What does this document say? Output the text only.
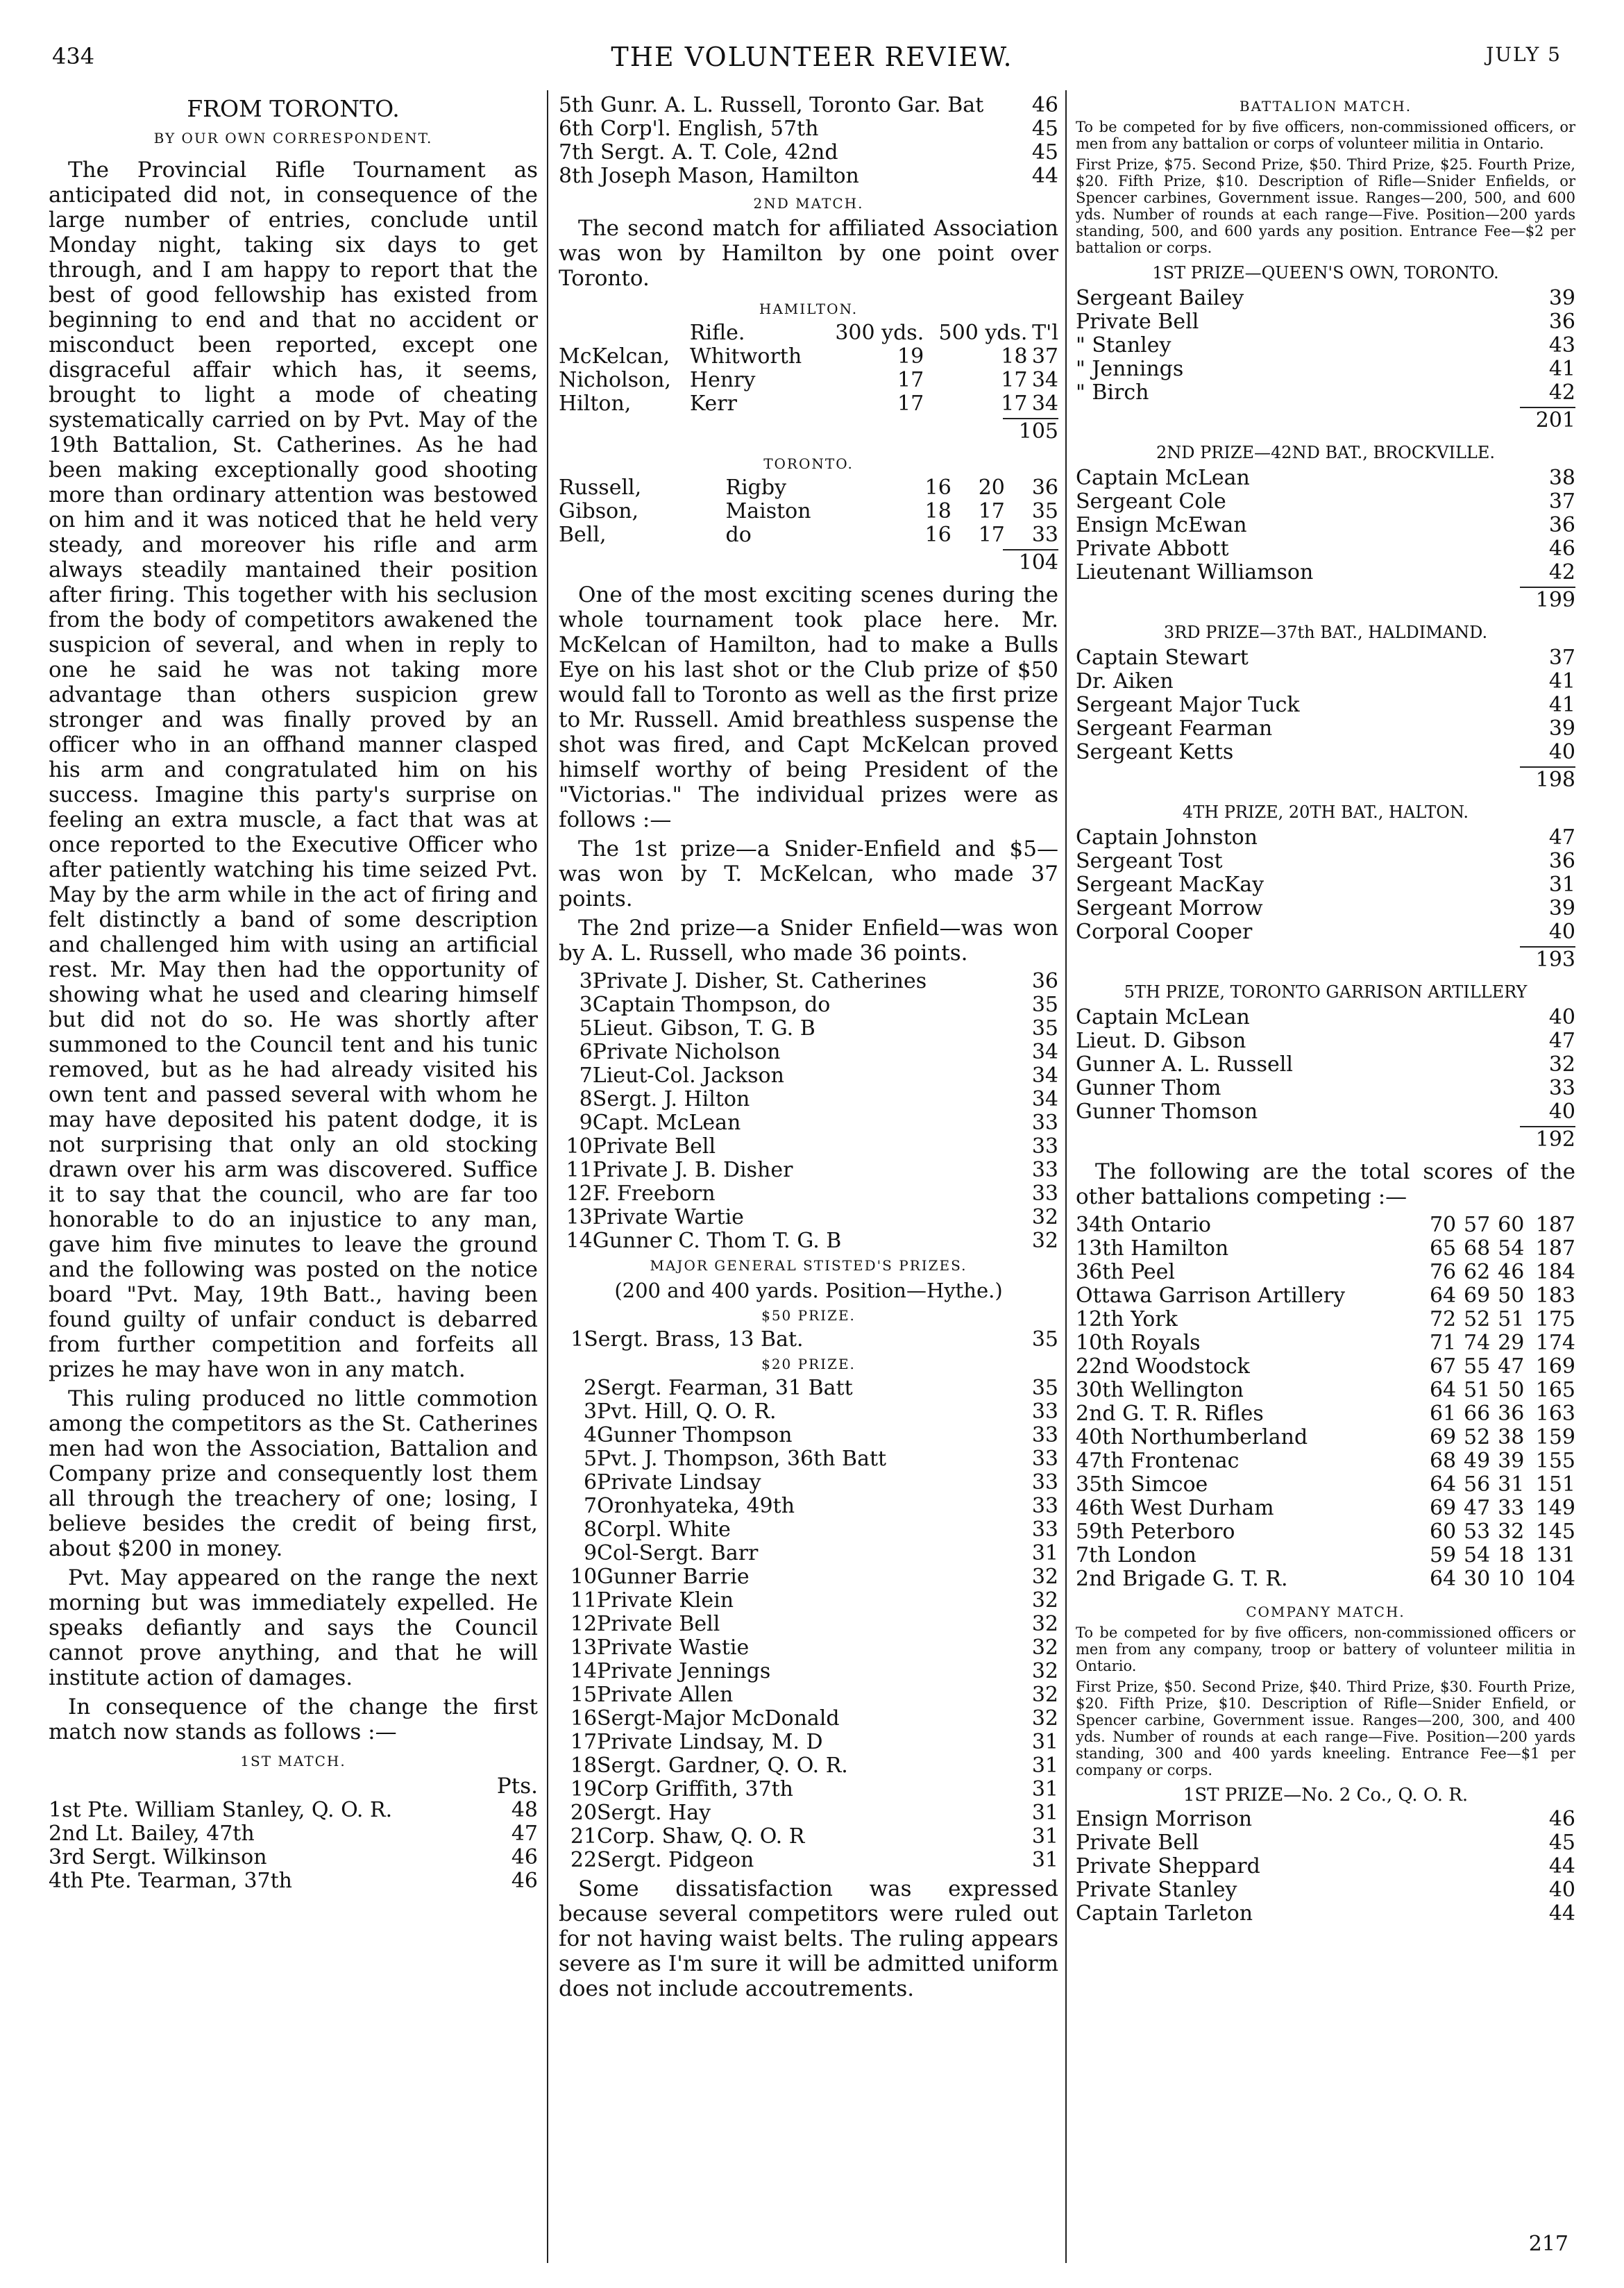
434	THE VOLUNTEER REVIEW.	JULY 5
FROM TORONTO.
BY OUR OWN CORRESPONDENT.

The Provincial Rifle Tournament as anticipated did not, in consequence of the large number of entries, conclude until Monday night, taking six days to get through, and I am happy to report that the best of good fellowship has existed from beginning to end and that no accident or misconduct been reported, except one disgraceful affair which has, it seems, brought to light a mode of cheating systematically carried on by Pvt. May of the 19th Battalion, St. Catherines. As he had been making exceptionally good shooting more than ordinary attention was bestowed on him and it was noticed that he held very steady, and moreover his rifle and arm always steadily mantained their position after firing. This together with his seclusion from the body of competitors awakened the suspicion of several, and when in reply to one he said he was not taking more advantage than others suspicion grew stronger and was finally proved by an officer who in an offhand manner clasped his arm and congratulated him on his success. Imagine this party's surprise on feeling an extra muscle, a fact that was at once reported to the Executive Officer who after patiently watching his time seized Pvt. May by the arm while in the act of firing and felt distinctly a band of some description and challenged him with using an artificial rest. Mr. May then had the opportunity of showing what he used and clearing himself but did not do so. He was shortly after summoned to the Council tent and his tunic removed, but as he had already visited his own tent and passed several with whom he may have deposited his patent dodge, it is not surprising that only an old stocking drawn over his arm was discovered. Suffice it to say that the council, who are far too honorable to do an injustice to any man, gave him five minutes to leave the ground and the following was posted on the notice board "Pvt. May, 19th Batt., having been found guilty of unfair conduct is debarred from further competition and forfeits all prizes he may have won in any match.

This ruling produced no little commotion among the competitors as the St. Catherines men had won the Association, Battalion and Company prize and consequently lost them all through the treachery of one; losing, I believe besides the credit of being first, about $200 in money.

Pvt. May appeared on the range the next morning but was immediately expelled. He speaks defiantly and says the Council cannot prove anything, and that he will institute action of damages.

In consequence of the change the first match now stands as follows :—

1ST MATCH.
Pts.
1st Pte. William Stanley, Q. O. R.	48
2nd Lt. Bailey, 47th	47
3rd Sergt. Wilkinson	46
4th Pte. Tearman, 37th	46
5th Gunr. A. L. Russell, Toronto Gar. Bat	46
6th Corp'l. English, 57th	45
7th Sergt. A. T. Cole, 42nd	45
8th Joseph Mason, Hamilton	44
2ND MATCH.

The second match for affiliated Association was won by Hamilton by one point over Toronto.

HAMILTON.
	Rifle.	300 yds.	500 yds.	T'l
McKelcan,	Whitworth	19	18	37
Nicholson,	Henry	17	17	34
Hilton,	Kerr	17	17	34
105
TORONTO.
Russell,	Rigby	16	20	36
Gibson,	Maiston	18	17	35
Bell,	do	16	17	33
104

One of the most exciting scenes during the whole tournament took place here. Mr. McKelcan of Hamilton, had to make a Bulls Eye on his last shot or the Club prize of $50 would fall to Toronto as well as the first prize to Mr. Russell. Amid breathless suspense the shot was fired, and Capt McKelcan proved himself worthy of being President of the "Victorias." The individual prizes were as follows :—

The 1st prize—a Snider-Enfield and $5—was won by T. McKelcan, who made 37 points.

The 2nd prize—a Snider Enfield—was won by A. L. Russell, who made 36 points.

3	Private J. Disher, St. Catherines	36
3	Captain Thompson, do	35
5	Lieut. Gibson, T. G. B	35
6	Private Nicholson	34
7	Lieut-Col. Jackson	34
8	Sergt. J. Hilton	34
9	Capt. McLean	33
10	Private Bell	33
11	Private J. B. Disher	33
12	F. Freeborn	33
13	Private Wartie	32
14	Gunner C. Thom T. G. B	32
MAJOR GENERAL STISTED'S PRIZES.
(200 and 400 yards. Position—Hythe.)
$50 PRIZE.
1	Sergt. Brass, 13 Bat.	35
$20 PRIZE.
2	Sergt. Fearman, 31 Batt	35
3	Pvt. Hill, Q. O. R.	33
4	Gunner Thompson	33
5	Pvt. J. Thompson, 36th Batt	33
6	Private Lindsay	33
7	Oronhyateka, 49th	33
8	Corpl. White	33
9	Col-Sergt. Barr	31
10	Gunner Barrie	32
11	Private Klein	32
12	Private Bell	32
13	Private Wastie	32
14	Private Jennings	32
15	Private Allen	32
16	Sergt-Major McDonald	32
17	Private Lindsay, M. D	31
18	Sergt. Gardner, Q. O. R.	31
19	Corp Griffith, 37th	31
20	Sergt. Hay	31
21	Corp. Shaw, Q. O. R	31
22	Sergt. Pidgeon	31

Some dissatisfaction was expressed because several competitors were ruled out for not having waist belts. The ruling appears severe as I'm sure it will be admitted uniform does not include accoutrements.

BATTALION MATCH.
To be competed for by five officers, non-commissioned officers, or men from any battalion or corps of volunteer militia in Ontario.
First Prize, $75. Second Prize, $50. Third Prize, $25. Fourth Prize, $20. Fifth Prize, $10. Description of Rifle—Snider Enfields, or Spencer carbines, Government issue. Ranges—200, 500, and 600 yds. Number of rounds at each range—Five. Position—200 yards standing, 500, and 600 yards any position. Entrance Fee—$2 per battalion or corps.
1ST PRIZE—QUEEN'S OWN, TORONTO.
Sergeant Bailey	39
Private Bell	36
" Stanley	43
" Jennings	41
" Birch	42
201
2ND PRIZE—42ND BAT., BROCKVILLE.
Captain McLean	38
Sergeant Cole	37
Ensign McEwan	36
Private Abbott	46
Lieutenant Williamson	42
199
3RD PRIZE—37th BAT., HALDIMAND.
Captain Stewart	37
Dr. Aiken	41
Sergeant Major Tuck	41
Sergeant Fearman	39
Sergeant Ketts	40
198
4TH PRIZE, 20TH BAT., HALTON.
Captain Johnston	47
Sergeant Tost	36
Sergeant MacKay	31
Sergeant Morrow	39
Corporal Cooper	40
193
5TH PRIZE, TORONTO GARRISON ARTILLERY
Captain McLean	40
Lieut. D. Gibson	47
Gunner A. L. Russell	32
Gunner Thom	33
Gunner Thomson	40
192

The following are the total scores of the other battalions competing :—

34th Ontario	70	57	60	187
13th Hamilton	65	68	54	187
36th Peel	76	62	46	184
Ottawa Garrison Artillery	64	69	50	183
12th York	72	52	51	175
10th Royals	71	74	29	174
22nd Woodstock	67	55	47	169
30th Wellington	64	51	50	165
2nd G. T. R. Rifles	61	66	36	163
40th Northumberland	69	52	38	159
47th Frontenac	68	49	39	155
35th Simcoe	64	56	31	151
46th West Durham	69	47	33	149
59th Peterboro	60	53	32	145
7th London	59	54	18	131
2nd Brigade G. T. R.	64	30	10	104
COMPANY MATCH.
To be competed for by five officers, non-commissioned officers or men from any company, troop or battery of volunteer militia in Ontario.
First Prize, $50. Second Prize, $40. Third Prize, $30. Fourth Prize, $20. Fifth Prize, $10. Description of Rifle—Snider Enfield, or Spencer carbine, Government issue. Ranges—200, 300, and 400 yds. Number of rounds at each range—Five. Position—200 yards standing, 300 and 400 yards kneeling. Entrance Fee—$1 per company or corps.
1ST PRIZE—No. 2 Co., Q. O. R.
Ensign Morrison	46
Private Bell	45
Private Sheppard	44
Private Stanley	40
Captain Tarleton	44
217
